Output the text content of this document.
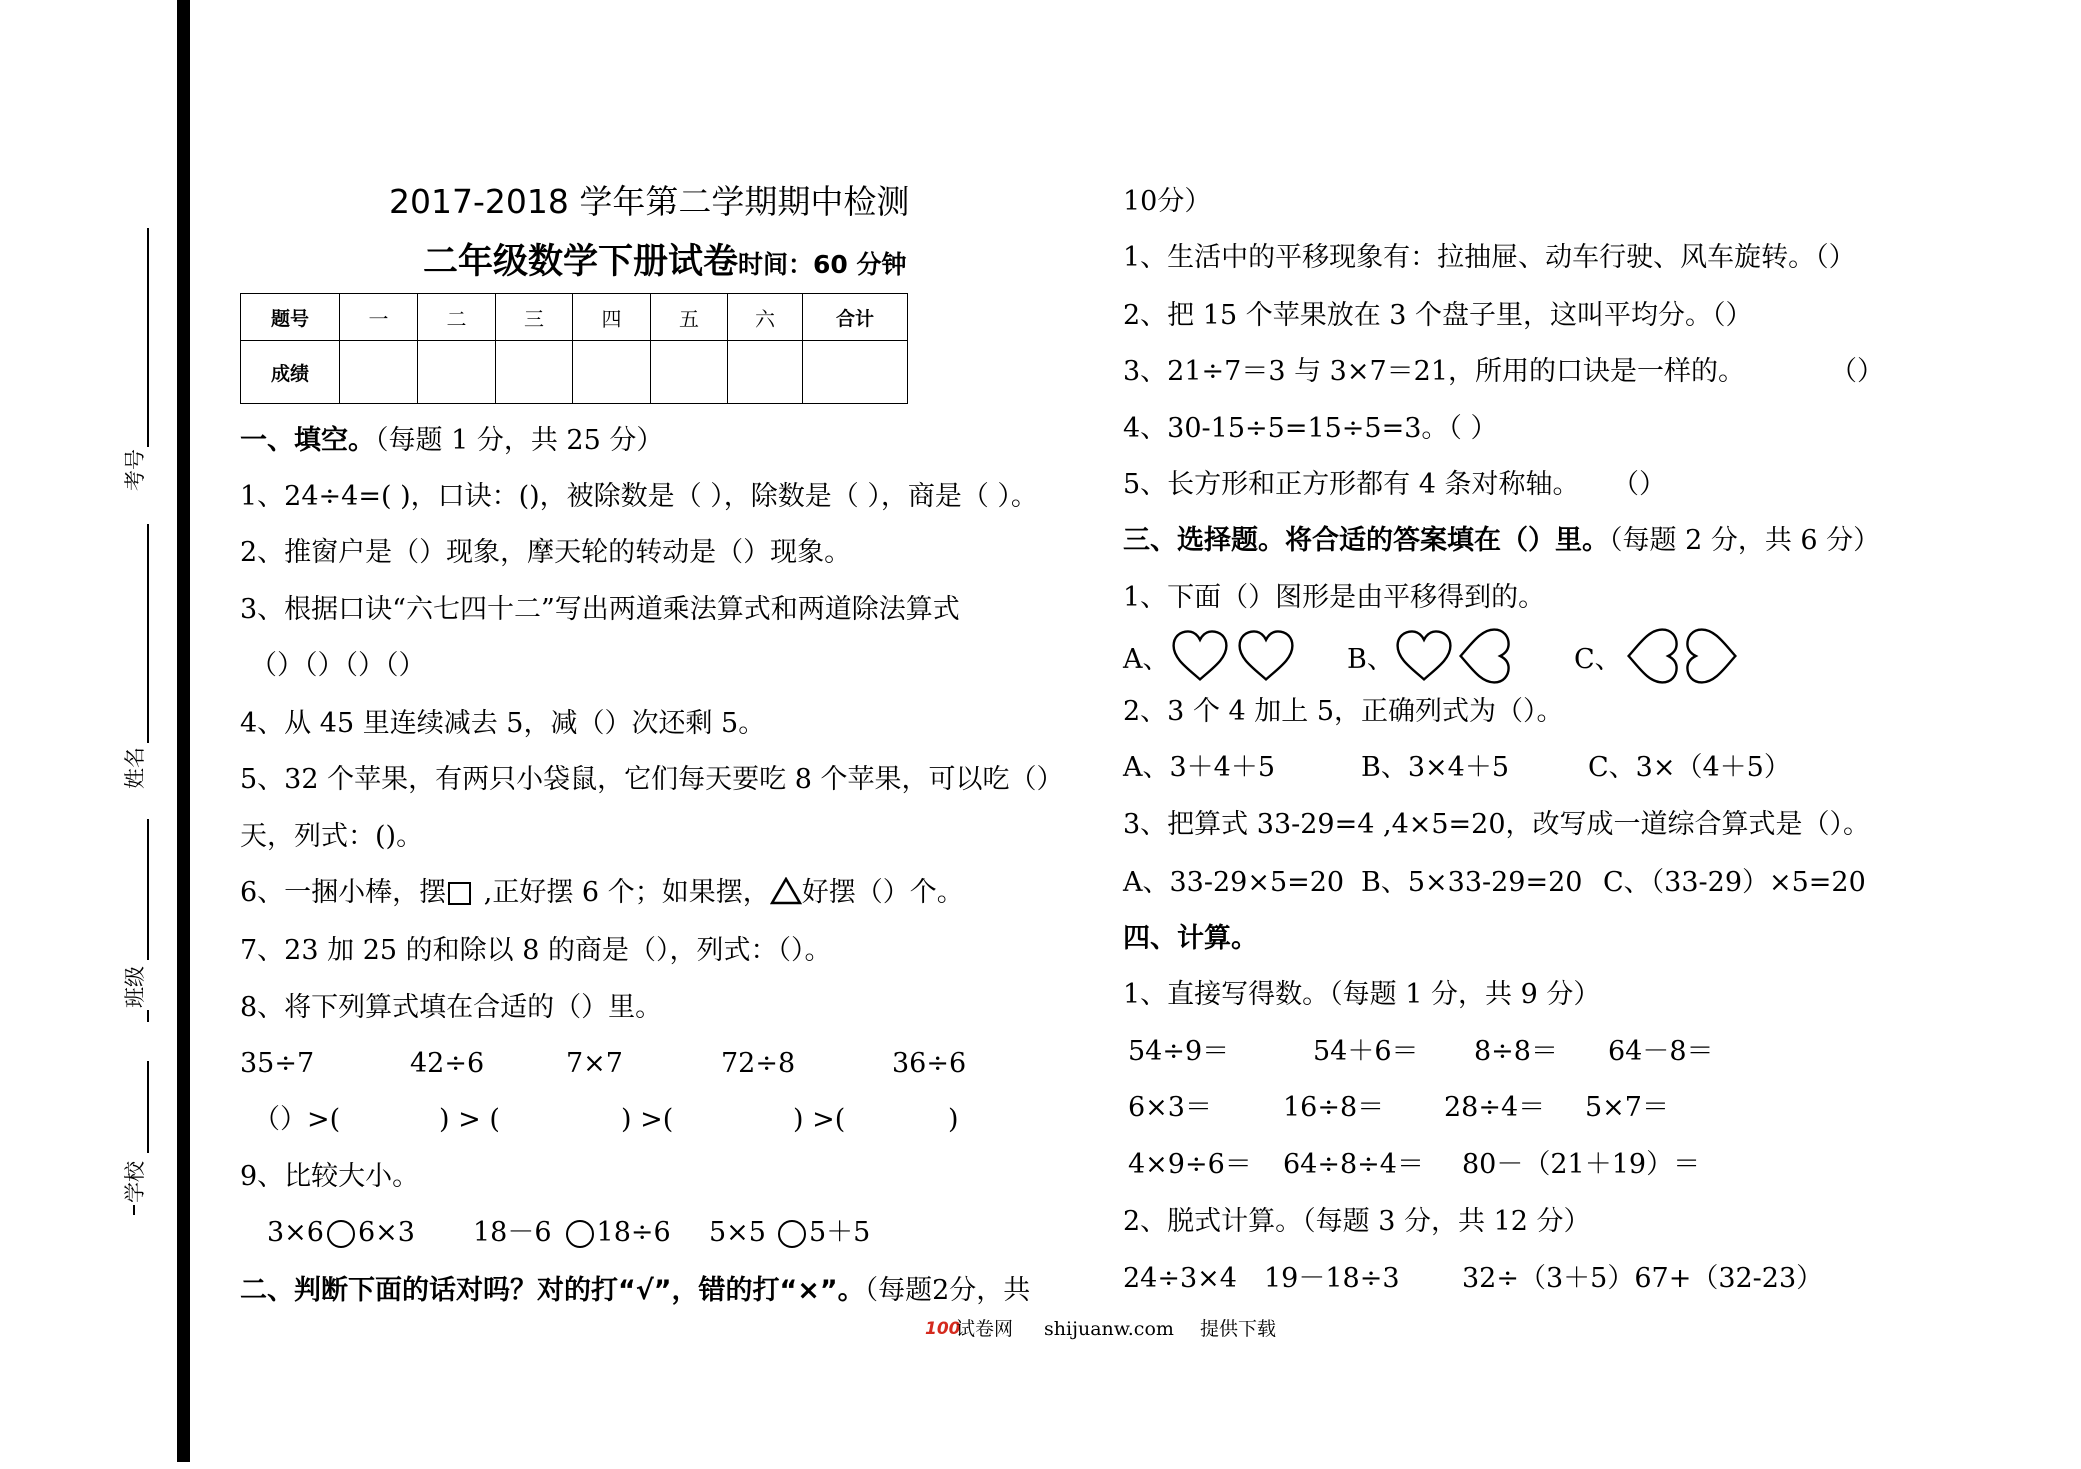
考号
姓名
班级
学校
2017-2018 学年第二学期期中检测
二年级数学下册试卷时间：60 分钟
题号	一	二	三	四	五	六	合计
成绩							
一、填空。（每题 1 分，共 25 分）
1、24÷4=( )，口诀：()，被除数是（ ），除数是（ ），商是（ ）。
2、推窗户是（）现象，摩天轮的转动是（）现象。
3、根据口诀“六七四十二”写出两道乘法算式和两道除法算式
（）（）（）（）
4、从 45 里连续减去 5，减（）次还剩 5。
5、32 个苹果，有两只小袋鼠，它们每天要吃 8 个苹果，可以吃（）
天，列式：()。
6、一捆小棒，摆 ,正好摆 6 个；如果摆， 好摆（）个。
7、23 加 25 的和除以 8 的商是（），列式：（）。
8、将下列算式填在合适的（）里。
35÷7	42÷6	7×7	72÷8	36÷6
（）>(	) > (	) >(	) >(	)
9、比较大小。
3×6 6×3 18－6 18÷6 5×5 5＋5
二、判断下面的话对吗？对的打“√”，错的打“×”。（每题2分，共
10分）
1、生活中的平移现象有：拉抽屉、动车行驶、风车旋转。（）
2、把 15 个苹果放在 3 个盘子里，这叫平均分。（）
3、21÷7＝3 与 3×7＝21，所用的口诀是一样的。	（）
4、30-15÷5=15÷5=3。（ ）
5、长方形和正方形都有 4 条对称轴。 （）
三、选择题。将合适的答案填在（）里。（每题 2 分，共 6 分）
1、下面（）图形是由平移得到的。
A、	B、	C、
2、3 个 4 加上 5，正确列式为（）。
A、3＋4＋5	B、3×4＋5	C、3×（4＋5）
3、把算式 33-29=4 ,4×5=20，改写成一道综合算式是（）。
A、33-29×5=20 B、5×33-29=20 C、（33-29）×5=20
四、计算。
1、直接写得数。（每题 1 分，共 9 分）
54÷9＝	54＋6＝ 8÷8＝ 64－8＝
6×3＝	16÷8＝ 28÷4＝ 5×7＝
4×9÷6＝ 64÷8÷4＝ 80－（21＋19）＝
2、脱式计算。（每题 3 分，共 12 分）
24÷3×4 19－18÷3 32÷（3＋5）67+（32-23）
100
试卷网 shijuanw.com 提供下载
